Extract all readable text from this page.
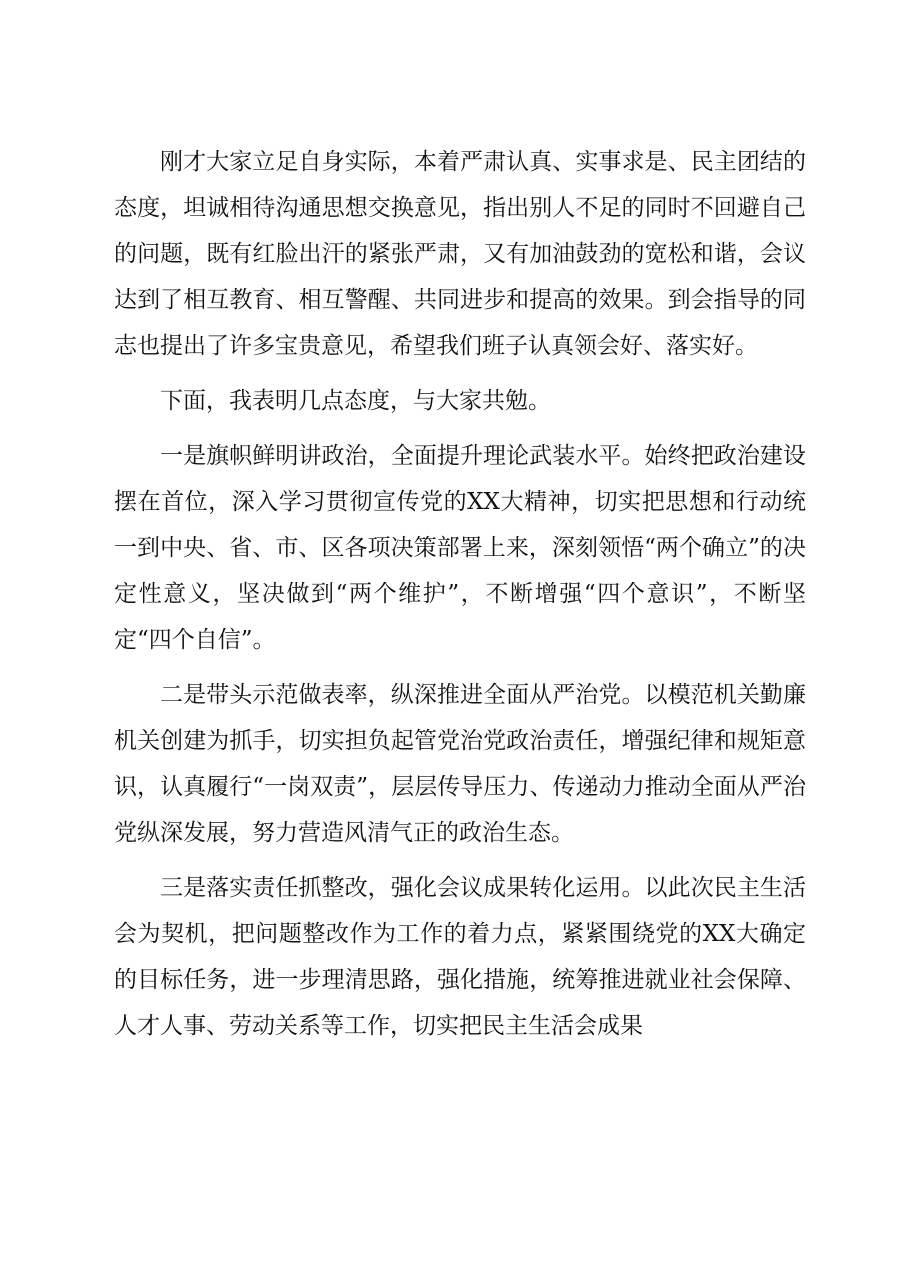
刚才大家立足自身实际，本着严肃认真、实事求是、民主团结的态度，坦诚相待沟通思想交换意见，指出别人不足的同时不回避自己的问题，既有红脸出汗的紧张严肃，又有加油鼓劲的宽松和谐，会议达到了相互教育、相互警醒、共同进步和提高的效果。到会指导的同志也提出了许多宝贵意见，希望我们班子认真领会好、落实好。

下面，我表明几点态度，与大家共勉。

一是旗帜鲜明讲政治，全面提升理论武装水平。始终把政治建设摆在首位，深入学习贯彻宣传党的XX大精神，切实把思想和行动统一到中央、省、市、区各项决策部署上来，深刻领悟“两个确立”的决定性意义，坚决做到“两个维护”，不断增强“四个意识”，不断坚定“四个自信”。

二是带头示范做表率，纵深推进全面从严治党。以模范机关勤廉机关创建为抓手，切实担负起管党治党政治责任，增强纪律和规矩意识，认真履行“一岗双责”，层层传导压力、传递动力推动全面从严治党纵深发展，努力营造风清气正的政治生态。

三是落实责任抓整改，强化会议成果转化运用。以此次民主生活会为契机，把问题整改作为工作的着力点，紧紧围绕党的XX大确定的目标任务，进一步理清思路，强化措施，统筹推进就业社会保障、人才人事、劳动关系等工作，切实把民主生活会成果
